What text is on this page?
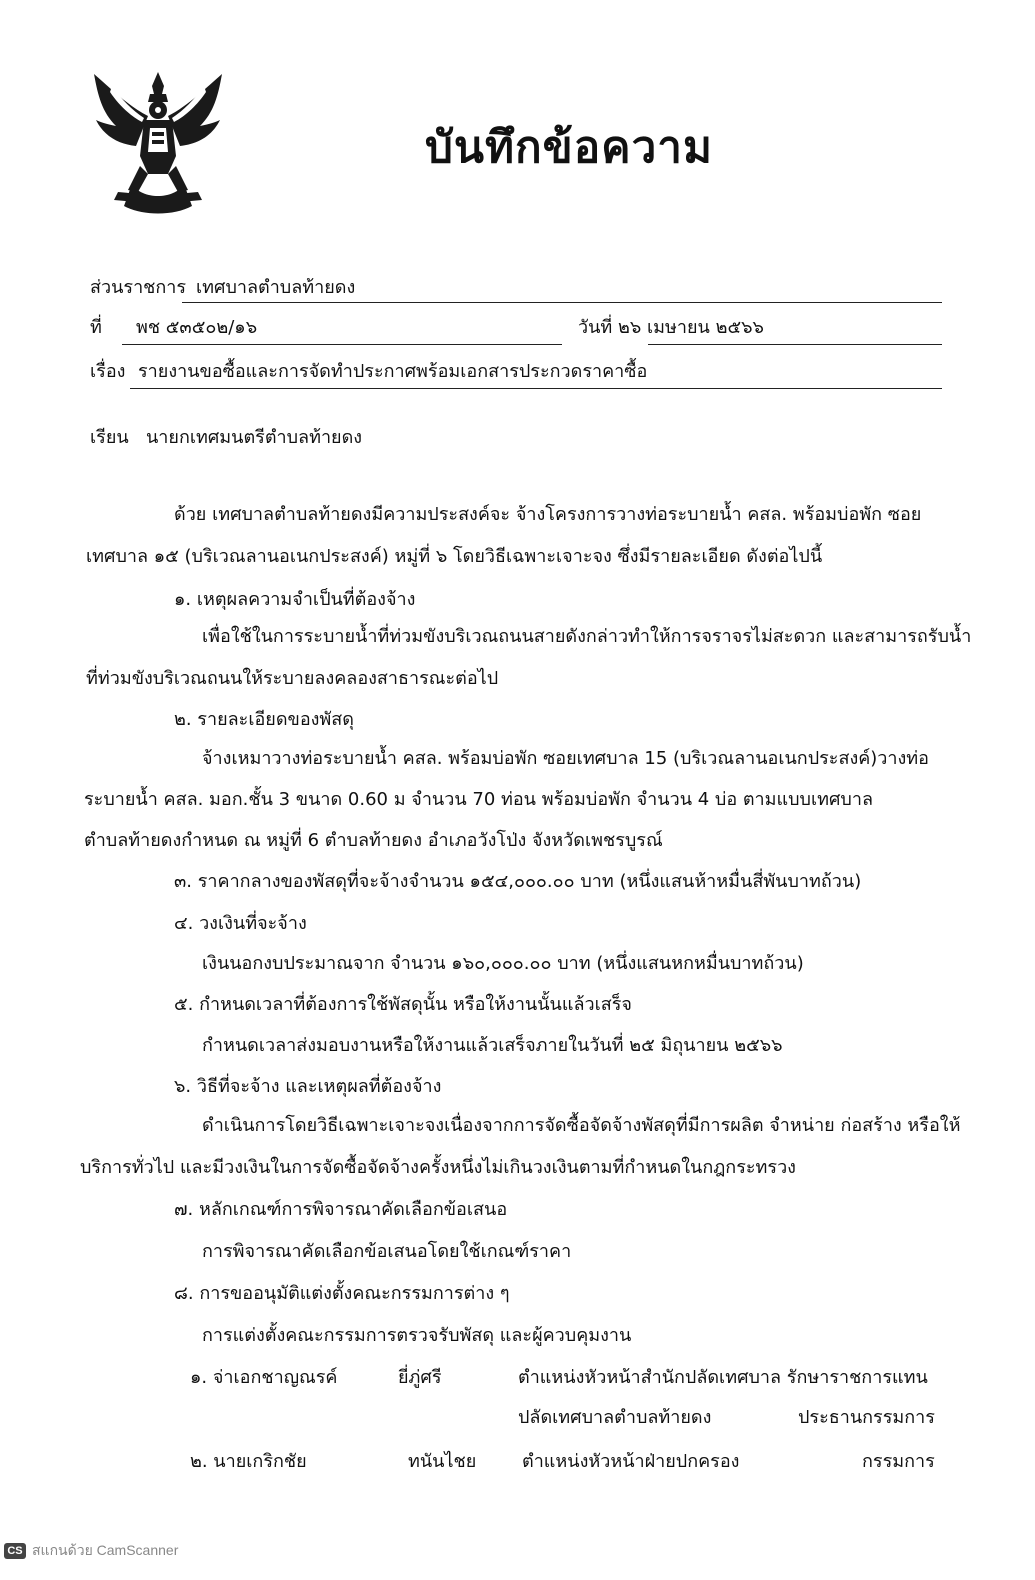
บันทึกข้อความ
ส่วนราชการ เทศบาลตำบลท้ายดง
ที่ พช ๕๓๕๐๒/๑๖	วันที่ ๒๖ เมษายน ๒๕๖๖
เรื่อง รายงานขอซื้อและการจัดทำประกาศพร้อมเอกสารประกวดราคาซื้อ
เรียน นายกเทศมนตรีตำบลท้ายดง
ด้วย เทศบาลตำบลท้ายดงมีความประสงค์จะ จ้างโครงการวางท่อระบายน้ำ คสล. พร้อมบ่อพัก ซอย
เทศบาล ๑๕ (บริเวณลานอเนกประสงค์) หมู่ที่ ๖ โดยวิธีเฉพาะเจาะจง ซึ่งมีรายละเอียด ดังต่อไปนี้
๑. เหตุผลความจำเป็นที่ต้องจ้าง
เพื่อใช้ในการระบายน้ำที่ท่วมขังบริเวณถนนสายดังกล่าวทำให้การจราจรไม่สะดวก และสามารถรับน้ำ
ที่ท่วมขังบริเวณถนนให้ระบายลงคลองสาธารณะต่อไป
๒. รายละเอียดของพัสดุ
จ้างเหมาวางท่อระบายน้ำ คสล. พร้อมบ่อพัก ซอยเทศบาล 15 (บริเวณลานอเนกประสงค์)วางท่อ
ระบายน้ำ คสล. มอก.ชั้น 3 ขนาด 0.60 ม จำนวน 70 ท่อน พร้อมบ่อพัก จำนวน 4 บ่อ ตามแบบเทศบาล
ตำบลท้ายดงกำหนด ณ หมู่ที่ 6 ตำบลท้ายดง อำเภอวังโป่ง จังหวัดเพชรบูรณ์
๓. ราคากลางของพัสดุที่จะจ้างจำนวน ๑๕๔,๐๐๐.๐๐ บาท (หนึ่งแสนห้าหมื่นสี่พันบาทถ้วน)
๔. วงเงินที่จะจ้าง
เงินนอกงบประมาณจาก จำนวน ๑๖๐,๐๐๐.๐๐ บาท (หนึ่งแสนหกหมื่นบาทถ้วน)
๕. กำหนดเวลาที่ต้องการใช้พัสดุนั้น หรือให้งานนั้นแล้วเสร็จ
กำหนดเวลาส่งมอบงานหรือให้งานแล้วเสร็จภายในวันที่ ๒๕ มิถุนายน ๒๕๖๖
๖. วิธีที่จะจ้าง และเหตุผลที่ต้องจ้าง
ดำเนินการโดยวิธีเฉพาะเจาะจงเนื่องจากการจัดซื้อจัดจ้างพัสดุที่มีการผลิต จำหน่าย ก่อสร้าง หรือให้
บริการทั่วไป และมีวงเงินในการจัดซื้อจัดจ้างครั้งหนึ่งไม่เกินวงเงินตามที่กำหนดในกฎกระทรวง
๗. หลักเกณฑ์การพิจารณาคัดเลือกข้อเสนอ
การพิจารณาคัดเลือกข้อเสนอโดยใช้เกณฑ์ราคา
๘. การขออนุมัติแต่งตั้งคณะกรรมการต่าง ๆ
การแต่งตั้งคณะกรรมการตรวจรับพัสดุ และผู้ควบคุมงาน
๑. จ่าเอกชาญณรค์	ยี่ภู่ศรี	ตำแหน่งหัวหน้าสำนักปลัดเทศบาล รักษาราชการแทน
ปลัดเทศบาลตำบลท้ายดง	ประธานกรรมการ
๒. นายเกริกชัย	ทนันไชย	ตำแหน่งหัวหน้าฝ่ายปกครอง	กรรมการ
CS สแกนด้วย CamScanner
